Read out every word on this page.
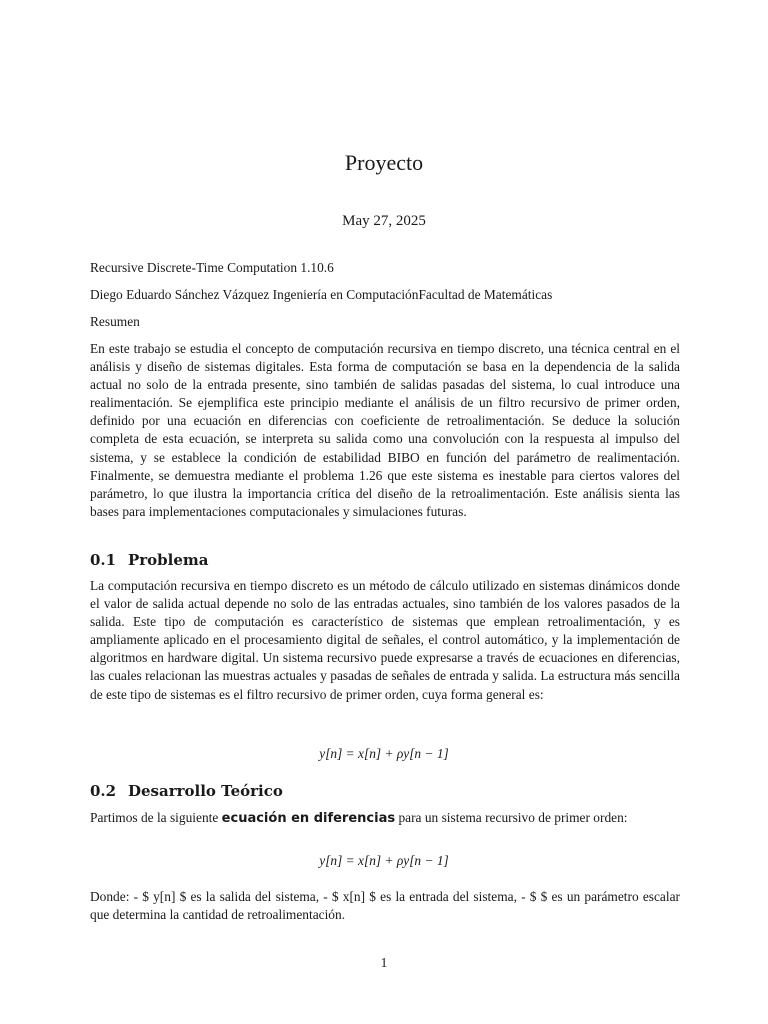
Proyecto
May 27, 2025
Recursive Discrete-Time Computation 1.10.6
Diego Eduardo Sánchez Vázquez Ingeniería en ComputaciónFacultad de Matemáticas
Resumen
En este trabajo se estudia el concepto de computación recursiva en tiempo discreto, una técnica central en el análisis y diseño de sistemas digitales. Esta forma de computación se basa en la dependencia de la salida actual no solo de la entrada presente, sino también de salidas pasadas del sistema, lo cual introduce una realimentación. Se ejemplifica este principio mediante el análisis de un filtro recursivo de primer orden, definido por una ecuación en diferencias con coeficiente de retroalimentación. Se deduce la solución completa de esta ecuación, se interpreta su salida como una convolución con la respuesta al impulso del sistema, y se establece la condición de estabilidad BIBO en función del parámetro de realimentación. Finalmente, se demuestra mediante el problema 1.26 que este sistema es inestable para ciertos valores del parámetro, lo que ilustra la importancia crítica del diseño de la retroalimentación. Este análisis sienta las bases para implementaciones computacionales y simulaciones futuras.
0.1 Problema
La computación recursiva en tiempo discreto es un método de cálculo utilizado en sistemas dinámicos donde el valor de salida actual depende no solo de las entradas actuales, sino también de los valores pasados de la salida. Este tipo de computación es característico de sistemas que emplean retroalimentación, y es ampliamente aplicado en el procesamiento digital de señales, el control automático, y la implementación de algoritmos en hardware digital. Un sistema recursivo puede expresarse a través de ecuaciones en diferencias, las cuales relacionan las muestras actuales y pasadas de señales de entrada y salida. La estructura más sencilla de este tipo de sistemas es el filtro recursivo de primer orden, cuya forma general es:
y[n] = x[n] + ρy[n − 1]
0.2 Desarrollo Teórico
Partimos de la siguiente ecuación en diferencias para un sistema recursivo de primer orden:
y[n] = x[n] + ρy[n − 1]
Donde: - $ y[n] $ es la salida del sistema, - $ x[n] $ es la entrada del sistema, - $ $ es un parámetro escalar que determina la cantidad de retroalimentación.
1
